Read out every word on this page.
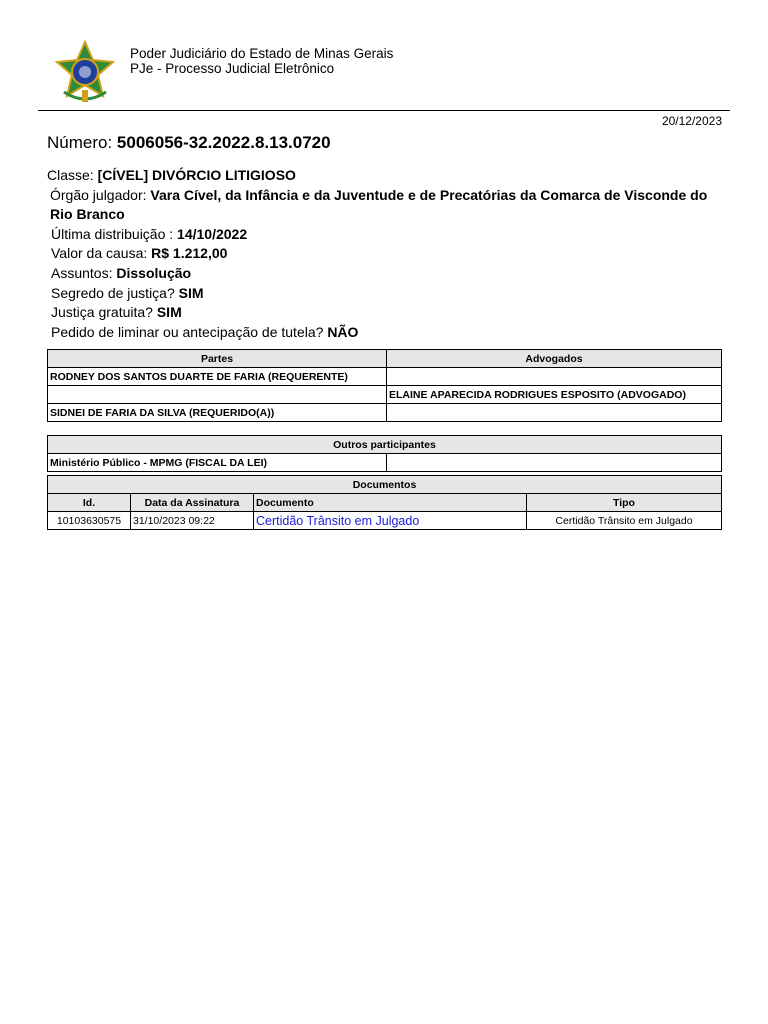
Poder Judiciário do Estado de Minas Gerais
PJe - Processo Judicial Eletrônico
20/12/2023
Número: 5006056-32.2022.8.13.0720
Classe: [CÍVEL] DIVÓRCIO LITIGIOSO
Órgão julgador: Vara Cível, da Infância e da Juventude e de Precatórias da Comarca de Visconde do Rio Branco
Última distribuição : 14/10/2022
Valor da causa: R$ 1.212,00
Assuntos: Dissolução
Segredo de justiça? SIM
Justiça gratuita? SIM
Pedido de liminar ou antecipação de tutela? NÃO
Partes	Advogados
RODNEY DOS SANTOS DUARTE DE FARIA (REQUERENTE)	
	ELAINE APARECIDA RODRIGUES ESPOSITO (ADVOGADO)
SIDNEI DE FARIA DA SILVA (REQUERIDO(A))	
Outros participantes
Ministério Público - MPMG (FISCAL DA LEI)	
Documentos			
Id.	Data da Assinatura	Documento	Tipo
10103630575	31/10/2023 09:22	Certidão Trânsito em Julgado	Certidão Trânsito em Julgado
